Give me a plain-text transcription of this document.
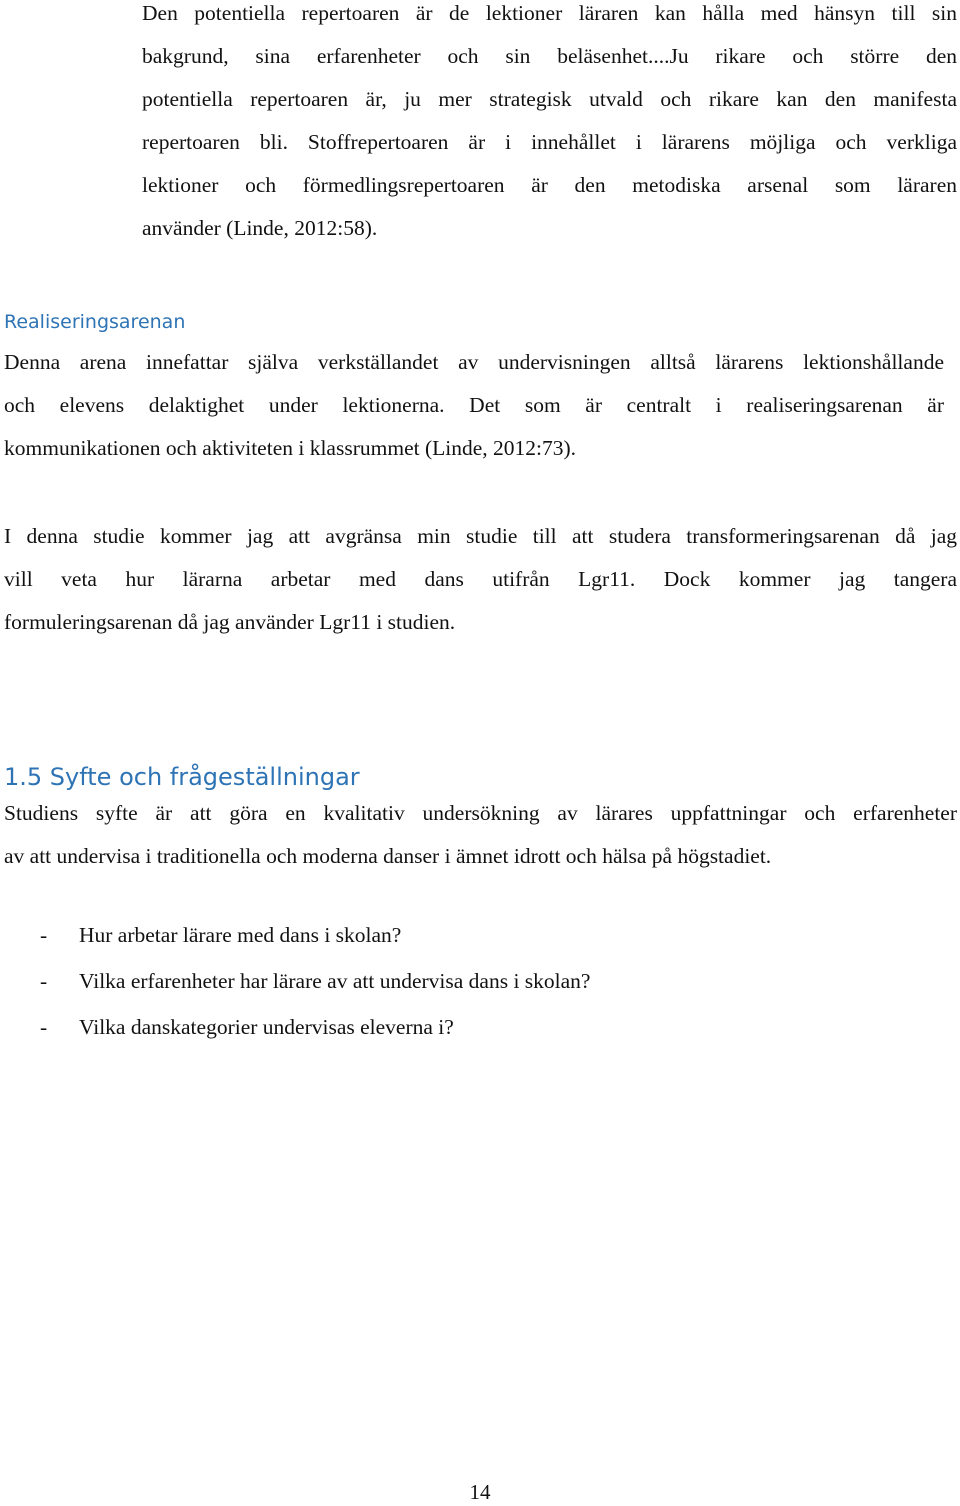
Den potentiella repertoaren är de lektioner läraren kan hålla med hänsyn till sin
bakgrund, sina erfarenheter och sin beläsenhet....Ju rikare och större den
potentiella repertoaren är, ju mer strategisk utvald och rikare kan den manifesta
repertoaren bli. Stoffrepertoaren är i innehållet i lärarens möjliga och verkliga
lektioner och förmedlingsrepertoaren är den metodiska arsenal som läraren
använder (Linde, 2012:58).
Realiseringsarenan
Denna arena innefattar själva verkställandet av undervisningen alltså lärarens lektionshållande
och elevens delaktighet under lektionerna. Det som är centralt i realiseringsarenan är
kommunikationen och aktiviteten i klassrummet (Linde, 2012:73).
I denna studie kommer jag att avgränsa min studie till att studera transformeringsarenan då jag
vill veta hur lärarna arbetar med dans utifrån Lgr11. Dock kommer jag tangera
formuleringsarenan då jag använder Lgr11 i studien.
1.5 Syfte och frågeställningar
Studiens syfte är att göra en kvalitativ undersökning av lärares uppfattningar och erfarenheter
av att undervisa i traditionella och moderna danser i ämnet idrott och hälsa på högstadiet.
- Hur arbetar lärare med dans i skolan?
- Vilka erfarenheter har lärare av att undervisa dans i skolan?
- Vilka danskategorier undervisas eleverna i?
14
